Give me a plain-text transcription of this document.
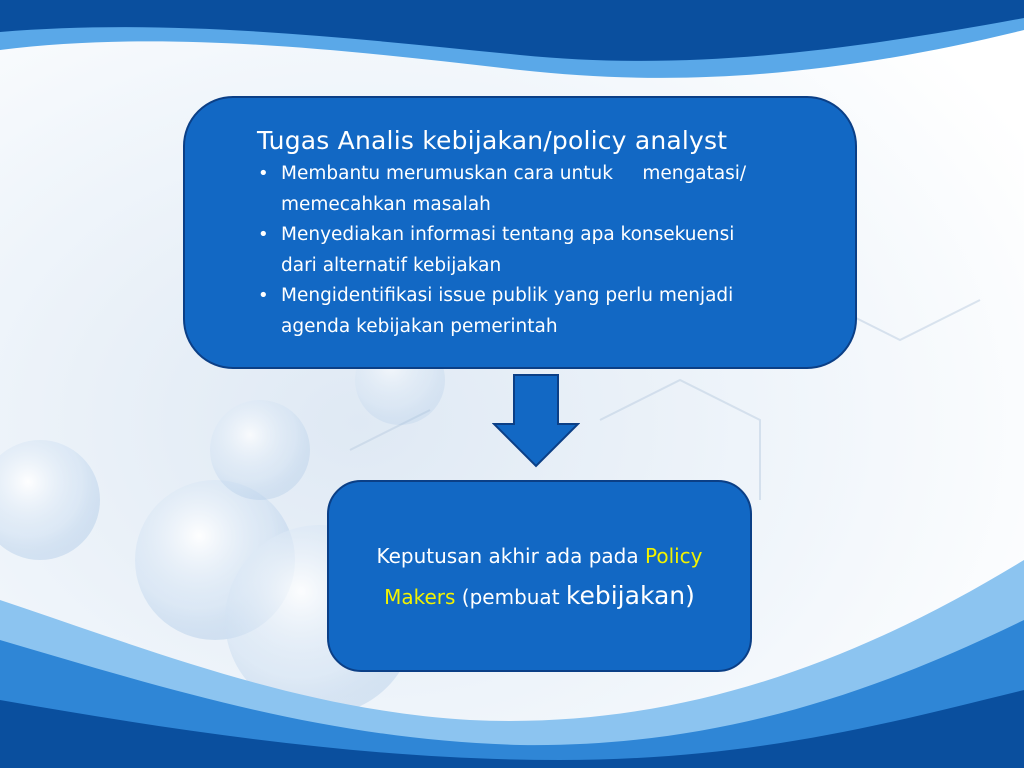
Tugas Analis kebijakan/policy analyst
• Membantu merumuskan cara untuk     mengatasi/
memecahkan masalah
• Menyediakan informasi tentang apa konsekuensi
dari alternatif kebijakan
• Mengidentifikasi issue publik yang perlu menjadi
agenda kebijakan pemerintah

Keputusan akhir ada pada Policy
Makers (pembuat kebijakan)
